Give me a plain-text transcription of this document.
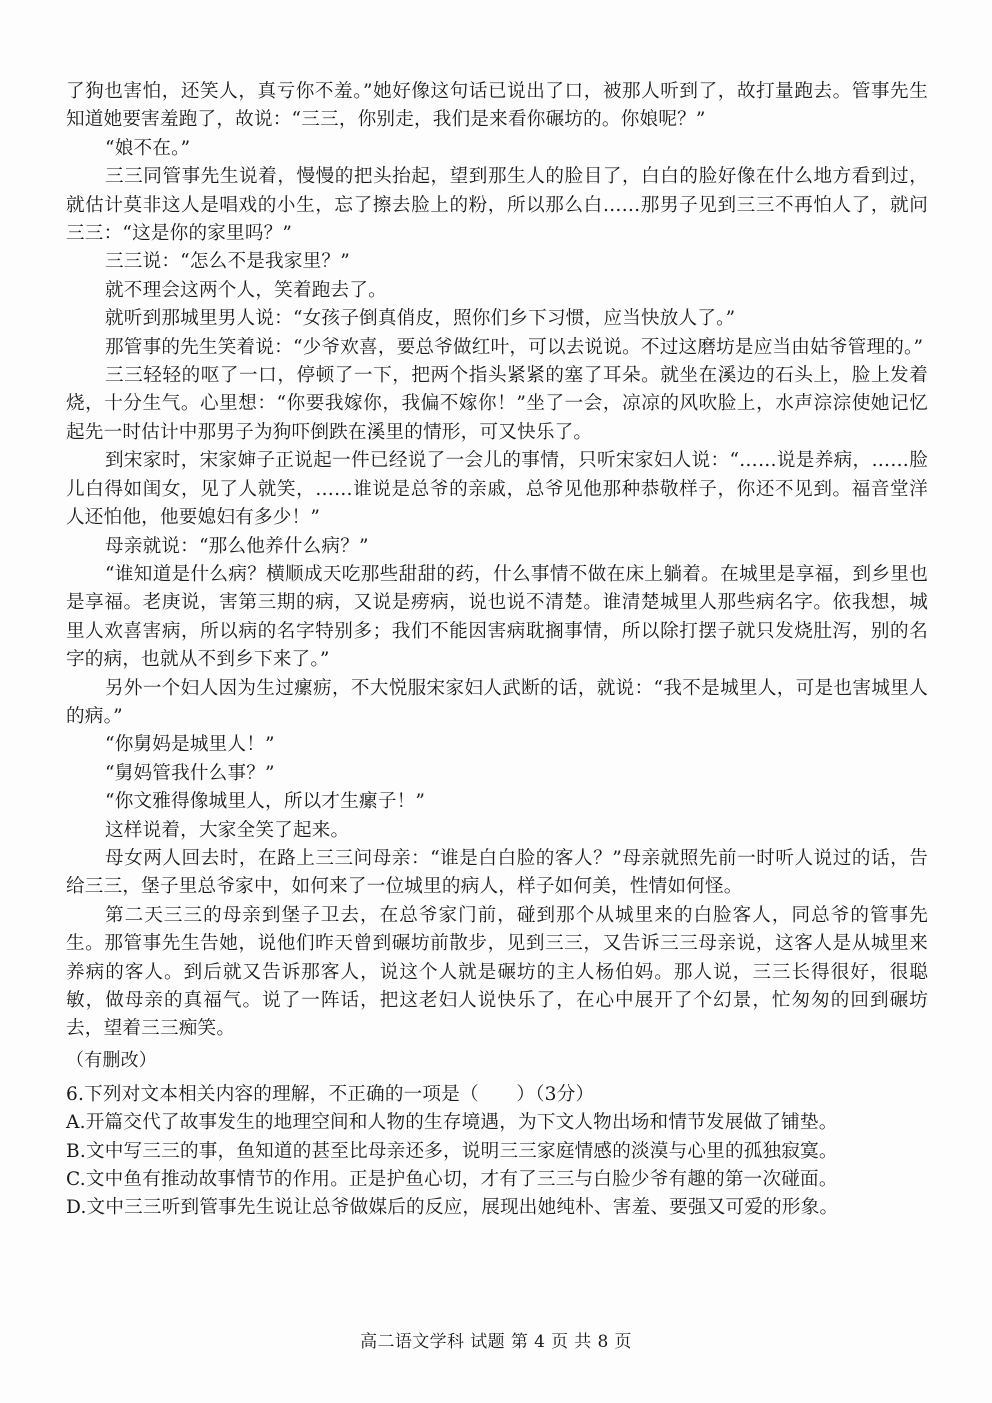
了狗也害怕，还笑人，真亏你不羞。”她好像这句话已说出了口，被那人听到了，故打量跑去。管事先生知道她要害羞跑了，故说：“三三，你别走，我们是来看你碾坊的。你娘呢？”

“娘不在。”

三三同管事先生说着，慢慢的把头抬起，望到那生人的脸目了，白白的脸好像在什么地方看到过，就估计莫非这人是唱戏的小生，忘了擦去脸上的粉，所以那么白……那男子见到三三不再怕人了，就问三三：“这是你的家里吗？”

三三说：“怎么不是我家里？”

就不理会这两个人，笑着跑去了。

就听到那城里男人说：“女孩子倒真俏皮，照你们乡下习惯，应当快放人了。”

那管事的先生笑着说：“少爷欢喜，要总爷做红叶，可以去说说。不过这磨坊是应当由姑爷管理的。”

三三轻轻的呕了一口，停顿了一下，把两个指头紧紧的塞了耳朵。就坐在溪边的石头上，脸上发着烧，十分生气。心里想：“你要我嫁你，我偏不嫁你！”坐了一会，凉凉的风吹脸上，水声淙淙使她记忆起先一时估计中那男子为狗吓倒跌在溪里的情形，可又快乐了。

到宋家时，宋家婶子正说起一件已经说了一会儿的事情，只听宋家妇人说：“……说是养病，……脸儿白得如闺女，见了人就笑，……谁说是总爷的亲戚，总爷见他那种恭敬样子，你还不见到。福音堂洋人还怕他，他要媳妇有多少！”

母亲就说：“那么他养什么病？”

“谁知道是什么病？横顺成天吃那些甜甜的药，什么事情不做在床上躺着。在城里是享福，到乡里也是享福。老庚说，害第三期的病，又说是痨病，说也说不清楚。谁清楚城里人那些病名字。依我想，城里人欢喜害病，所以病的名字特别多；我们不能因害病耽搁事情，所以除打摆子就只发烧肚泻，别的名字的病，也就从不到乡下来了。”

另外一个妇人因为生过瘰疬，不大悦服宋家妇人武断的话，就说：“我不是城里人，可是也害城里人的病。”

“你舅妈是城里人！”

“舅妈管我什么事？”

“你文雅得像城里人，所以才生瘰子！”

这样说着，大家全笑了起来。

母女两人回去时，在路上三三问母亲：“谁是白白脸的客人？”母亲就照先前一时听人说过的话，告给三三，堡子里总爷家中，如何来了一位城里的病人，样子如何美，性情如何怪。

第二天三三的母亲到堡子卫去，在总爷家门前，碰到那个从城里来的白脸客人，同总爷的管事先生。那管事先生告她，说他们昨天曾到碾坊前散步，见到三三，又告诉三三母亲说，这客人是从城里来养病的客人。到后就又告诉那客人，说这个人就是碾坊的主人杨伯妈。那人说，三三长得很好，很聪敏，做母亲的真福气。说了一阵话，把这老妇人说快乐了，在心中展开了个幻景，忙匆匆的回到碾坊去，望着三三痴笑。

（有删改）
6.下列对文本相关内容的理解，不正确的一项是（　　）（3分）
A.开篇交代了故事发生的地理空间和人物的生存境遇，为下文人物出场和情节发展做了铺垫。
B.文中写三三的事，鱼知道的甚至比母亲还多，说明三三家庭情感的淡漠与心里的孤独寂寞。
C.文中鱼有推动故事情节的作用。正是护鱼心切，才有了三三与白脸少爷有趣的第一次碰面。
D.文中三三听到管事先生说让总爷做媒后的反应，展现出她纯朴、害羞、要强又可爱的形象。
高二语文学科 试题 第 4 页 共 8 页
